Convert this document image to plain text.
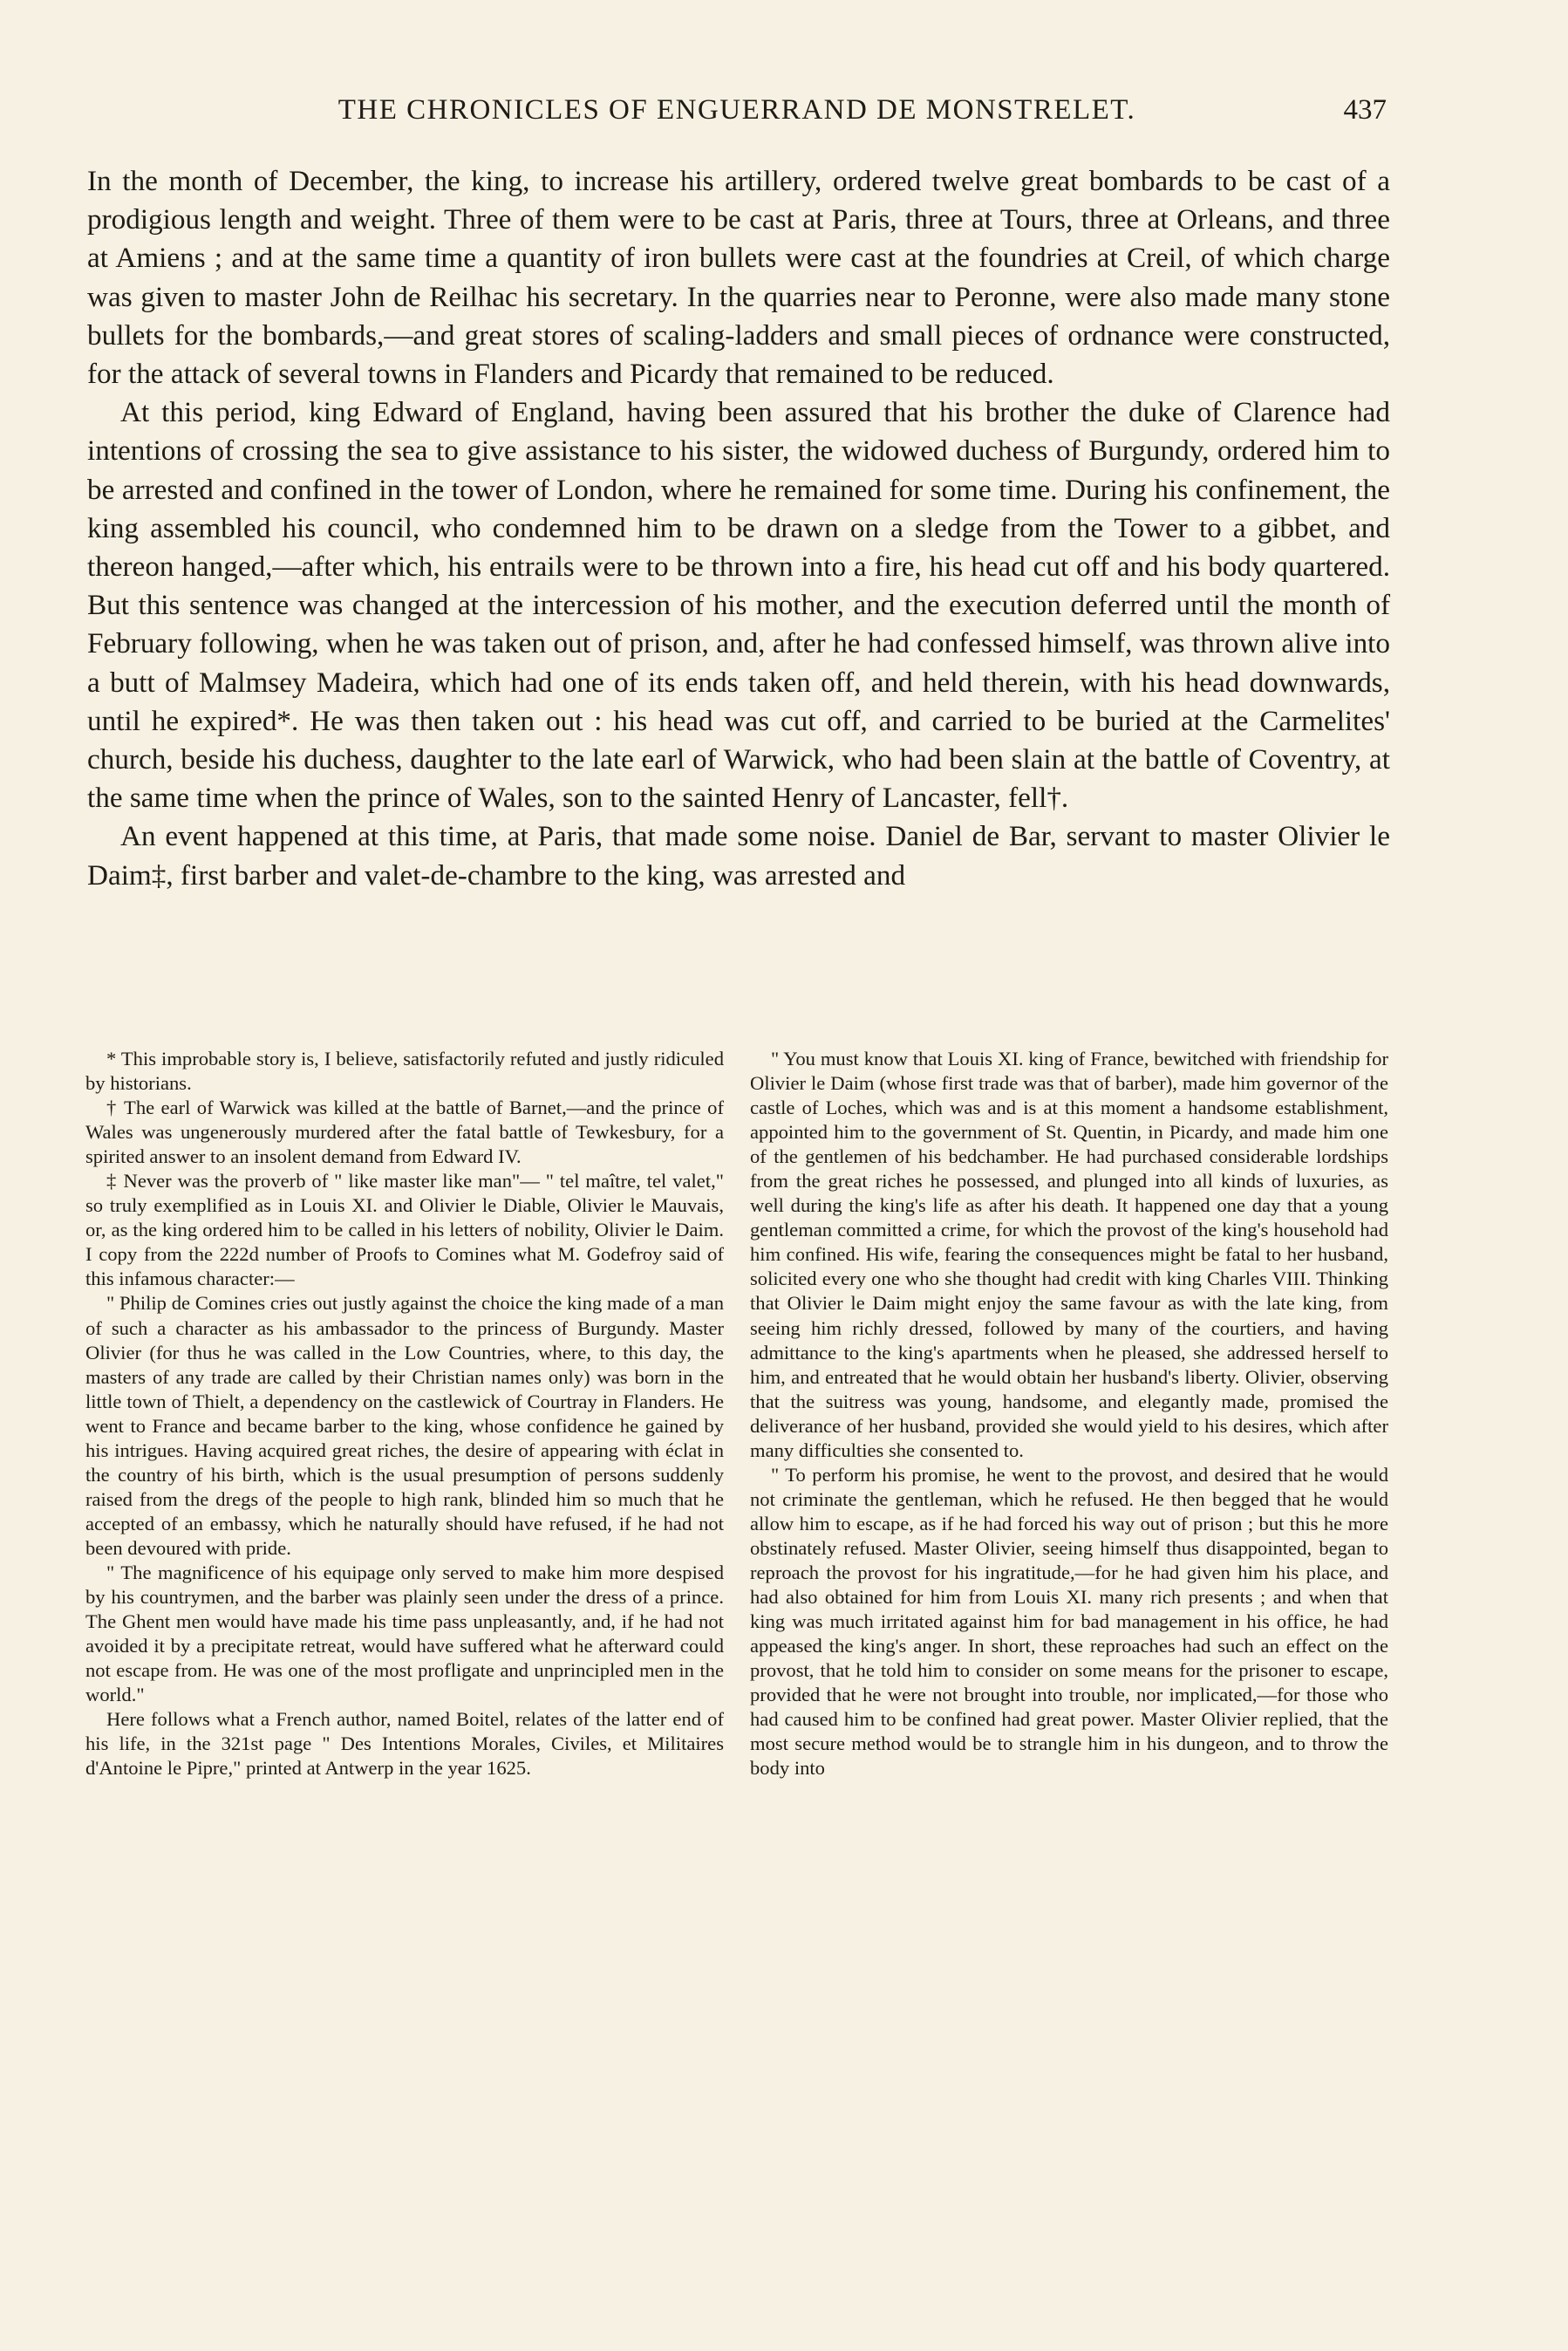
THE CHRONICLES OF ENGUERRAND DE MONSTRELET.	437

In the month of December, the king, to increase his artillery, ordered twelve great bombards to be cast of a prodigious length and weight. Three of them were to be cast at Paris, three at Tours, three at Orleans, and three at Amiens ; and at the same time a quantity of iron bullets were cast at the foundries at Creil, of which charge was given to master John de Reilhac his secretary. In the quarries near to Peronne, were also made many stone bullets for the bombards,—and great stores of scaling-ladders and small pieces of ordnance were constructed, for the attack of several towns in Flanders and Picardy that remained to be reduced.

At this period, king Edward of England, having been assured that his brother the duke of Clarence had intentions of crossing the sea to give assistance to his sister, the widowed duchess of Burgundy, ordered him to be arrested and confined in the tower of London, where he remained for some time. During his confinement, the king assembled his council, who condemned him to be drawn on a sledge from the Tower to a gibbet, and thereon hanged,—after which, his entrails were to be thrown into a fire, his head cut off and his body quartered. But this sentence was changed at the intercession of his mother, and the execution deferred until the month of February following, when he was taken out of prison, and, after he had confessed himself, was thrown alive into a butt of Malmsey Madeira, which had one of its ends taken off, and held therein, with his head downwards, until he expired*. He was then taken out : his head was cut off, and carried to be buried at the Carmelites' church, beside his duchess, daughter to the late earl of Warwick, who had been slain at the battle of Coventry, at the same time when the prince of Wales, son to the sainted Henry of Lancaster, fell†.

An event happened at this time, at Paris, that made some noise. Daniel de Bar, servant to master Olivier le Daim‡, first barber and valet-de-chambre to the king, was arrested and

* This improbable story is, I believe, satisfactorily refuted and justly ridiculed by historians.

† The earl of Warwick was killed at the battle of Barnet,—and the prince of Wales was ungenerously murdered after the fatal battle of Tewkesbury, for a spirited answer to an insolent demand from Edward IV.

‡ Never was the proverb of " like master like man"— " tel maître, tel valet," so truly exemplified as in Louis XI. and Olivier le Diable, Olivier le Mauvais, or, as the king ordered him to be called in his letters of nobility, Olivier le Daim. I copy from the 222d number of Proofs to Comines what M. Godefroy said of this infamous character:—

" Philip de Comines cries out justly against the choice the king made of a man of such a character as his ambassador to the princess of Burgundy. Master Olivier (for thus he was called in the Low Countries, where, to this day, the masters of any trade are called by their Christian names only) was born in the little town of Thielt, a dependency on the castlewick of Courtray in Flanders. He went to France and became barber to the king, whose confidence he gained by his intrigues. Having acquired great riches, the desire of appearing with éclat in the country of his birth, which is the usual presumption of persons suddenly raised from the dregs of the people to high rank, blinded him so much that he accepted of an embassy, which he naturally should have refused, if he had not been devoured with pride.

" The magnificence of his equipage only served to make him more despised by his countrymen, and the barber was plainly seen under the dress of a prince. The Ghent men would have made his time pass unpleasantly, and, if he had not avoided it by a precipitate retreat, would have suffered what he afterward could not escape from. He was one of the most profligate and unprincipled men in the world."

Here follows what a French author, named Boitel, relates of the latter end of his life, in the 321st page " Des Intentions Morales, Civiles, et Militaires d'Antoine le Pipre," printed at Antwerp in the year 1625.

" You must know that Louis XI. king of France, bewitched with friendship for Olivier le Daim (whose first trade was that of barber), made him governor of the castle of Loches, which was and is at this moment a handsome establishment, appointed him to the government of St. Quentin, in Picardy, and made him one of the gentlemen of his bedchamber. He had purchased considerable lordships from the great riches he possessed, and plunged into all kinds of luxuries, as well during the king's life as after his death. It happened one day that a young gentleman committed a crime, for which the provost of the king's household had him confined. His wife, fearing the consequences might be fatal to her husband, solicited every one who she thought had credit with king Charles VIII. Thinking that Olivier le Daim might enjoy the same favour as with the late king, from seeing him richly dressed, followed by many of the courtiers, and having admittance to the king's apartments when he pleased, she addressed herself to him, and entreated that he would obtain her husband's liberty. Olivier, observing that the suitress was young, handsome, and elegantly made, promised the deliverance of her husband, provided she would yield to his desires, which after many difficulties she consented to.

" To perform his promise, he went to the provost, and desired that he would not criminate the gentleman, which he refused. He then begged that he would allow him to escape, as if he had forced his way out of prison ; but this he more obstinately refused. Master Olivier, seeing himself thus disappointed, began to reproach the provost for his ingratitude,—for he had given him his place, and had also obtained for him from Louis XI. many rich presents ; and when that king was much irritated against him for bad management in his office, he had appeased the king's anger. In short, these reproaches had such an effect on the provost, that he told him to consider on some means for the prisoner to escape, provided that he were not brought into trouble, nor implicated,—for those who had caused him to be confined had great power. Master Olivier replied, that the most secure method would be to strangle him in his dungeon, and to throw the body into
